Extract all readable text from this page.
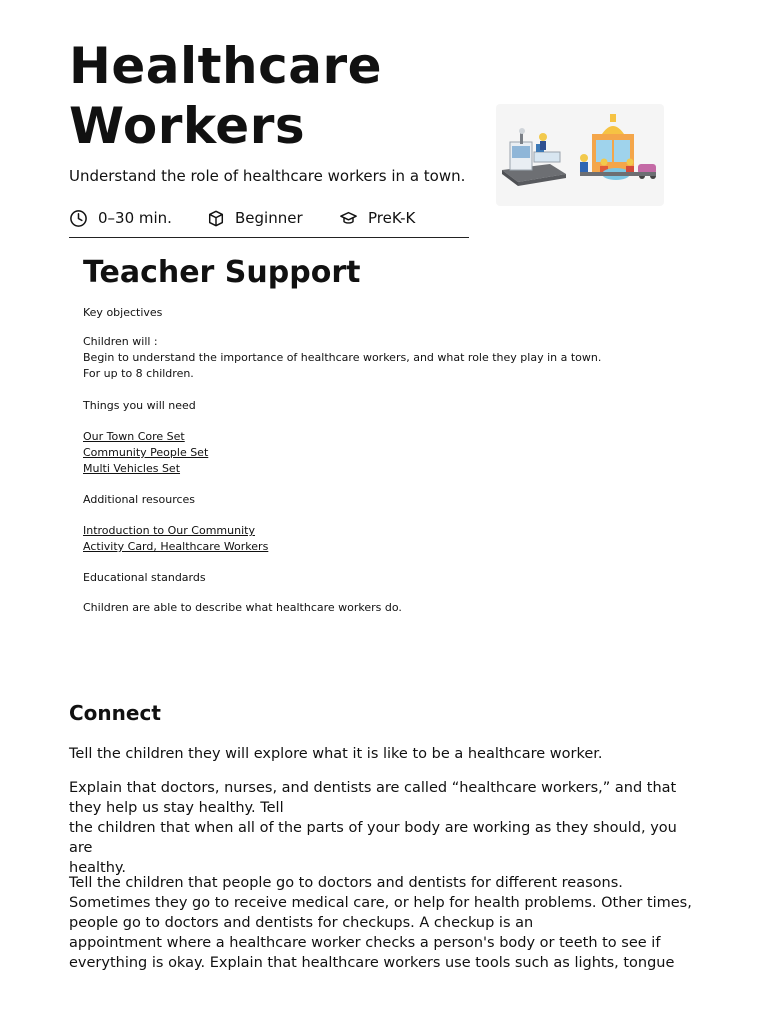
Healthcare
Workers
Understand the role of healthcare workers in a town.
0–30 min.	Beginner	PreK-K
Teacher Support

Key objectives

Children will :
Begin to understand the importance of healthcare workers, and what role they play in a town.
For up to 8 children.

Things you will need

Our Town Core Set
Community People Set
Multi Vehicles Set

Additional resources

Introduction to Our Community
Activity Card, Healthcare Workers

Educational standards

Children are able to describe what healthcare workers do.

Connect

Tell the children they will explore what it is like to be a healthcare worker.

Explain that doctors, nurses, and dentists are called “healthcare workers,” and that
they help us stay healthy. Tell
the children that when all of the parts of your body are working as they should, you are
healthy.

Tell the children that people go to doctors and dentists for different reasons.
Sometimes they go to receive medical care, or help for health problems. Other times,
people go to doctors and dentists for checkups. A checkup is an
appointment where a healthcare worker checks a person's body or teeth to see if
everything is okay. Explain that healthcare workers use tools such as lights, tongue
